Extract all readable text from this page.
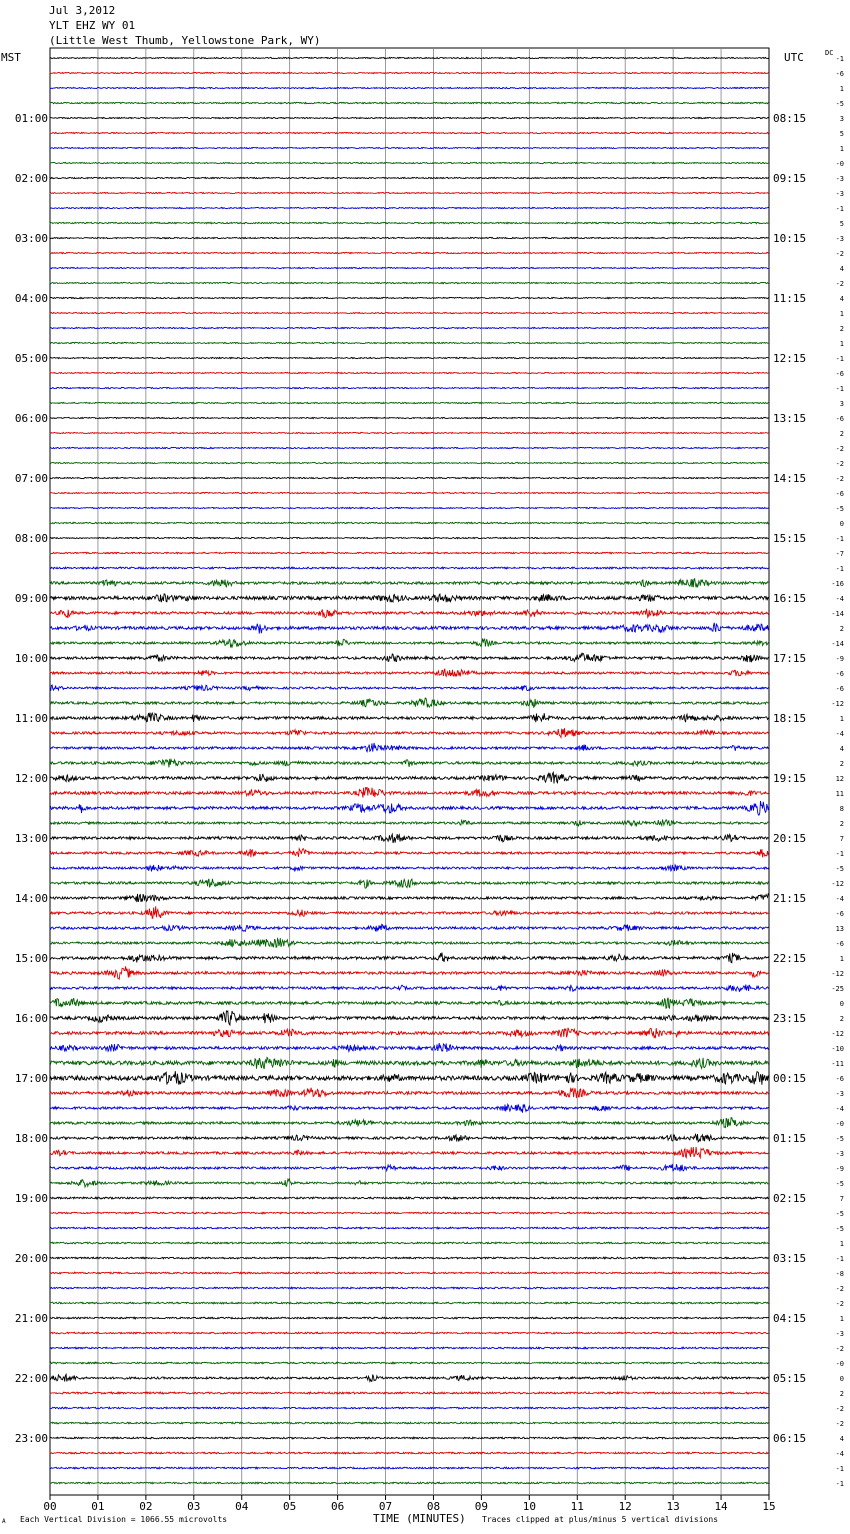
Jul 3,2012
YLT EHZ WY 01
(Little West Thumb, Yellowstone Park, WY)
MST	UTC	DC
00	01	02	03	04	05	06	07	08	09	10	11	12	13	14	15
-1
-6
1
-5
3
01:00	08:15
5
1
-0
-3
02:00	09:15
-3
-1
5
-3
03:00	10:15
-2
4
-2
4
04:00	11:15
1
2
1
-1
05:00	12:15
-6
-1
3
-6
06:00	13:15
2
-2
-2
-2
07:00	14:15
-6
-5
0
-1
08:00	15:15
-7
-1
-16
-4
09:00	16:15
-14
2
-14
-9
10:00	17:15
-6
-6
-12
1
11:00	18:15
-4
4
2
12
12:00	19:15
11
8
2
7
13:00	20:15
-1
-5
-12
-4
14:00	21:15
-6
13
-6
1
15:00	22:15
-12
-25
0
2
16:00	23:15
-12
-10
-11
-6
17:00	00:15
-3
-4
-0
-5
18:00	01:15
-3
-9
-5
7
19:00	02:15
-5
-5
1
-1
20:00	03:15
-8
-2
-2
1
21:00	04:15
-3
-2
-0
0
22:00	05:15
2
-2
-2
4
23:00	06:15
-4
-1
-1
A Each Vertical Division = 1066.55 microvolts	TIME (MINUTES) Traces clipped at plus/minus 5 vertical divisions
